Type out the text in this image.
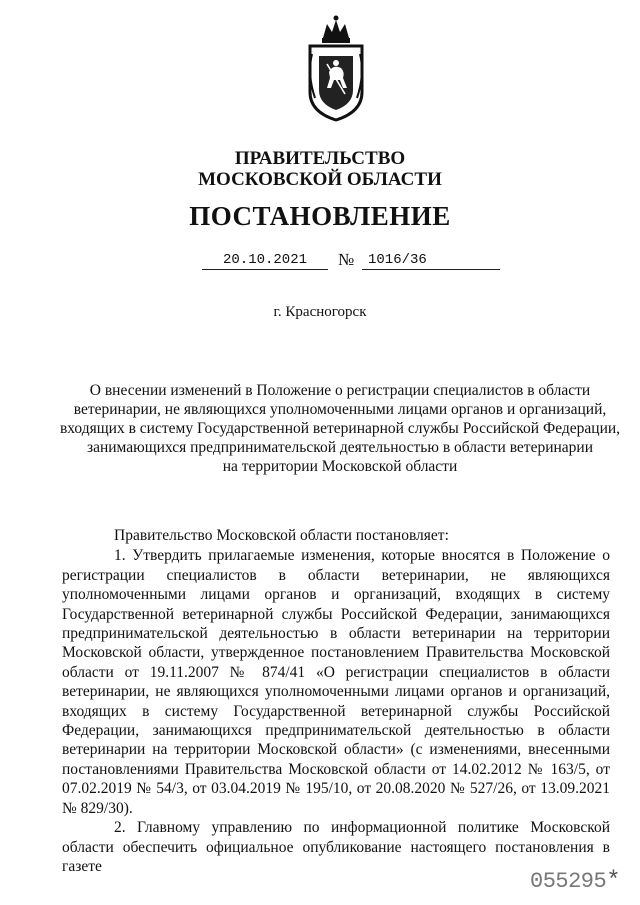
ПРАВИТЕЛЬСТВО
МОСКОВСКОЙ ОБЛАСТИ
ПОСТАНОВЛЕНИЕ
20.10.2021	№ 1016/36
г. Красногорск
О внесении изменений в Положение о регистрации специалистов в области
ветеринарии, не являющихся уполномоченными лицами органов и организаций,
входящих в систему Государственной ветеринарной службы Российской Федерации,
занимающихся предпринимательской деятельностью в области ветеринарии
на территории Московской области

Правительство Московской области постановляет:

1. Утвердить прилагаемые изменения, которые вносятся в Положение о регистрации специалистов в области ветеринарии, не являющихся уполномоченными лицами органов и организаций, входящих в систему Государственной ветеринарной службы Российской Федерации, занимающихся предпринимательской деятельностью в области ветеринарии на территории Московской области, утвержденное постановлением Правительства Московской области от 19.11.2007 № 874/41 «О регистрации специалистов в области ветеринарии, не являющихся уполномоченными лицами органов и организаций, входящих в систему Государственной ветеринарной службы Российской Федерации, занимающихся предпринимательской деятельностью в области ветеринарии на территории Московской области» (с изменениями, внесенными постановлениями Правительства Московской области от 14.02.2012 № 163/5, от 07.02.2019 № 54/3, от 03.04.2019 № 195/10, от 20.08.2020 № 527/26, от 13.09.2021 № 829/30).

2. Главному управлению по информационной политике Московской области обеспечить официальное опубликование настоящего постановления в газете

055295*
